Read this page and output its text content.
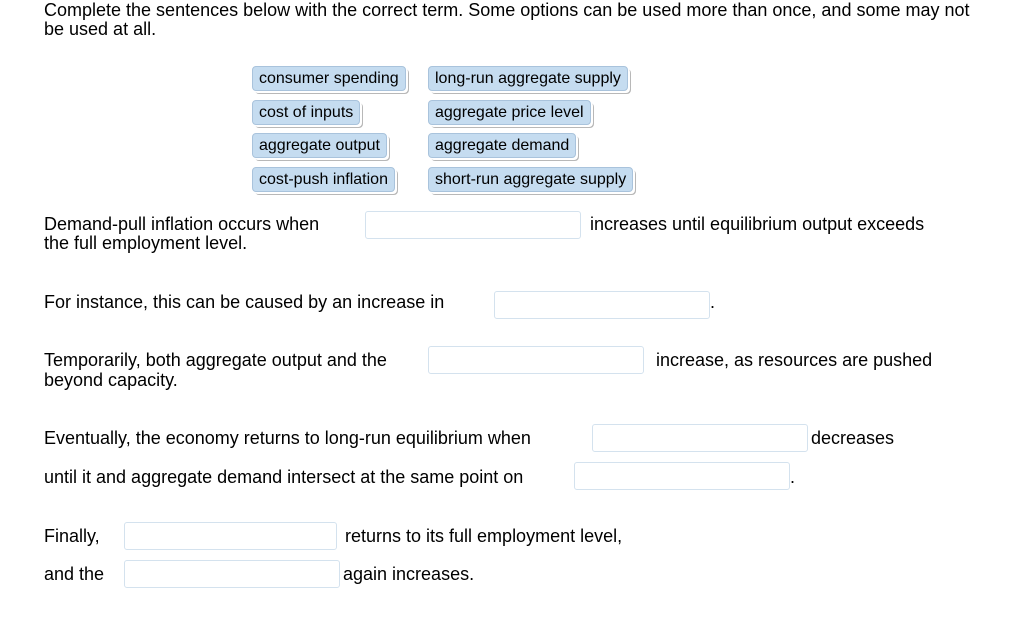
Complete the sentences below with the correct term. Some options can be used more than once, and some may not be used at all.
consumer spending	long-run aggregate supply
cost of inputs	aggregate price level
aggregate output	aggregate demand
cost-push inflation	short-run aggregate supply
Demand-pull inflation occurs when	increases until equilibrium output exceeds
the full employment level.
For instance, this can be caused by an increase in	.
Temporarily, both aggregate output and the	increase, as resources are pushed
beyond capacity.
Eventually, the economy returns to long-run equilibrium when	decreases
until it and aggregate demand intersect at the same point on	.
Finally,	returns to its full employment level,
and the	again increases.
